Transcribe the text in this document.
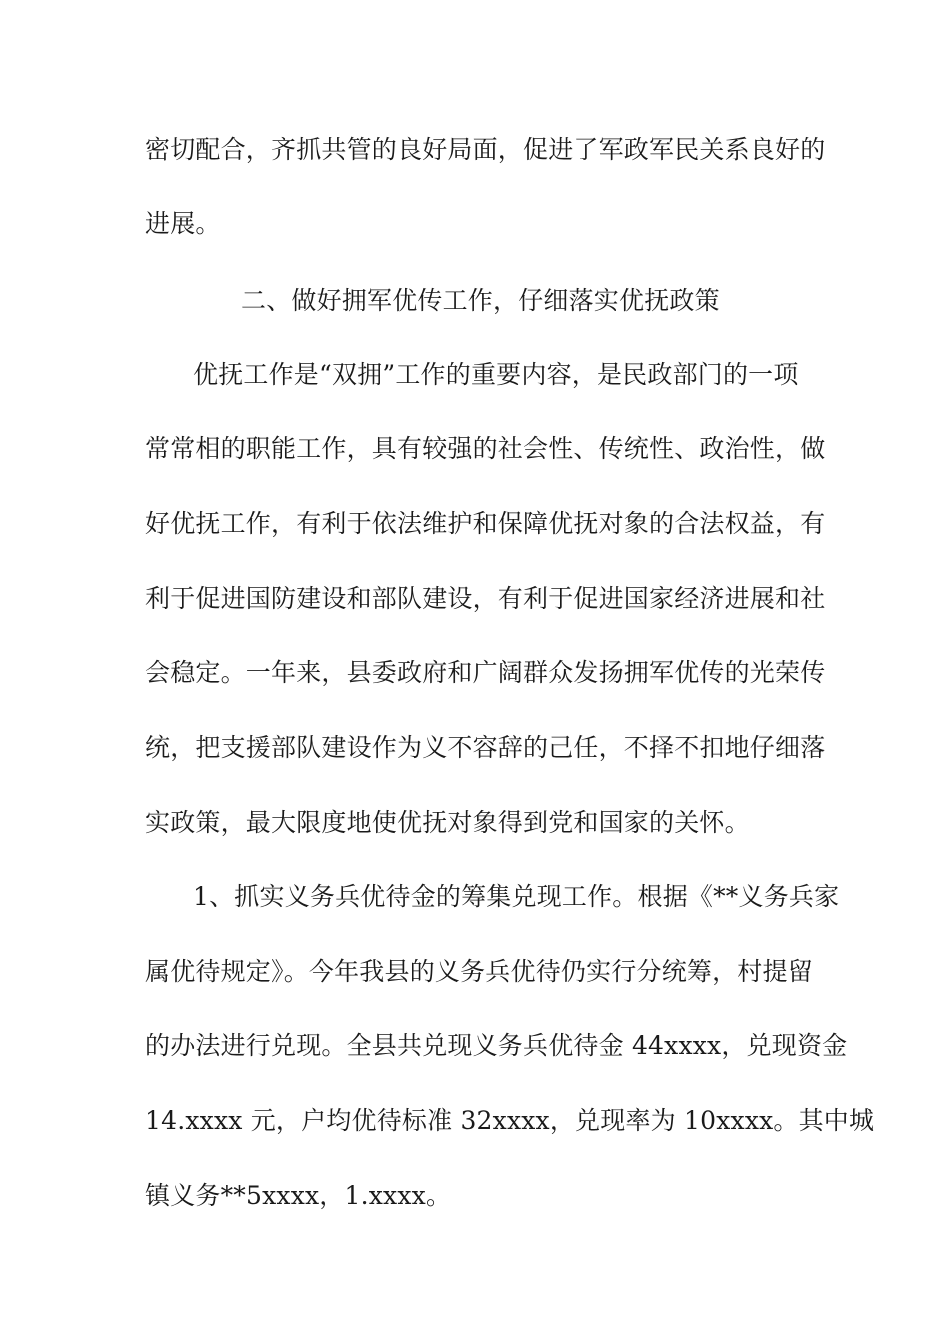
密切配合，齐抓共管的良好局面，促进了军政军民关系良好的
进展。
二、做好拥军优传工作，仔细落实优抚政策
优抚工作是“双拥”工作的重要内容，是民政部门的一项
常常相的职能工作，具有较强的社会性、传统性、政治性，做
好优抚工作，有利于依法维护和保障优抚对象的合法权益，有
利于促进国防建设和部队建设，有利于促进国家经济进展和社
会稳定。一年来，县委政府和广阔群众发扬拥军优传的光荣传
统，把支援部队建设作为义不容辞的己任，不择不扣地仔细落
实政策，最大限度地使优抚对象得到党和国家的关怀。
1、抓实义务兵优待金的筹集兑现工作。根据《**义务兵家
属优待规定》。今年我县的义务兵优待仍实行分统筹，村提留
的办法进行兑现。全县共兑现义务兵优待金 44xxxx，兑现资金
14.xxxx 元，户均优待标准 32xxxx，兑现率为 10xxxx。其中城
镇义务**5xxxx，1.xxxx。
